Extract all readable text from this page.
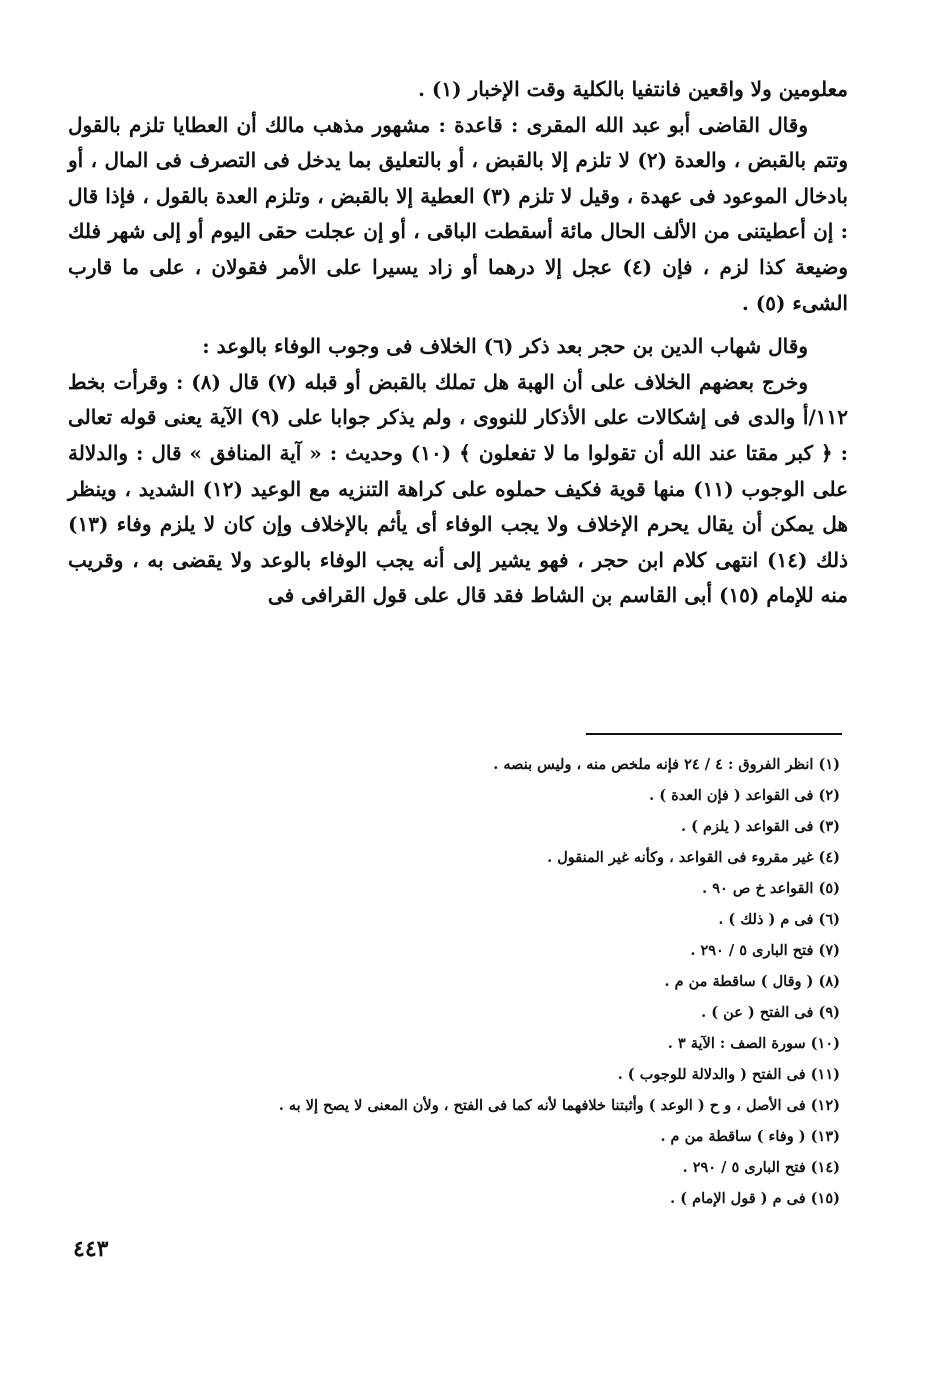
معلومين ولا واقعين فانتفيا بالكلية وقت الإخبار (١) .

وقال القاضى أبو عبد الله المقرى : قاعدة : مشهور مذهب مالك أن العطايا تلزم بالقول وتتم بالقبض ، والعدة (٢) لا تلزم إلا بالقبض ، أو بالتعليق بما يدخل فى التصرف فى المال ، أو بادخال الموعود فى عهدة ، وقيل لا تلزم (٣) العطية إلا بالقبض ، وتلزم العدة بالقول ، فإذا قال : إن أعطيتنى من الألف الحال مائة أسقطت الباقى ، أو إن عجلت حقى اليوم أو إلى شهر فلك وضيعة كذا لزم ، فإن (٤) عجل إلا درهما أو زاد يسيرا على الأمر فقولان ، على ما قارب الشىء (٥) .

وقال شهاب الدين بن حجر بعد ذكر (٦) الخلاف فى وجوب الوفاء بالوعد :

وخرج بعضهم الخلاف على أن الهبة هل تملك بالقبض أو قبله (٧) قال (٨) : وقرأت بخط ١١٢/أ والدى فى إشكالات على الأذكار للنووى ، ولم يذكر جوابا على (٩) الآية يعنى قوله تعالى : ﴿ كبر مقتا عند الله أن تقولوا ما لا تفعلون ﴾ (١٠) وحديث : « آية المنافق » قال : والدلالة على الوجوب (١١) منها قوية فكيف حملوه على كراهة التنزيه مع الوعيد (١٢) الشديد ، وينظر هل يمكن أن يقال يحرم الإخلاف ولا يجب الوفاء أى يأثم بالإخلاف وإن كان لا يلزم وفاء (١٣) ذلك (١٤) انتهى كلام ابن حجر ، فهو يشير إلى أنه يجب الوفاء بالوعد ولا يقضى به ، وقريب منه للإمام (١٥) أبى القاسم بن الشاط فقد قال على قول القرافى فى

(١) انظر الفروق : ٤ / ٢٤ فإنه ملخص منه ، وليس بنصه .
(٢) فى القواعد ( فإن العدة ) .
(٣) فى القواعد ( يلزم ) .
(٤) غير مقروء فى القواعد ، وكأنه غير المنقول .
(٥) القواعد خ ص ٩٠ .
(٦) فى م ( ذلك ) .
(٧) فتح البارى ٥ / ٢٩٠ .
(٨) ( وقال ) ساقطة من م .
(٩) فى الفتح ( عن ) .
(١٠) سورة الصف : الآية ٣ .
(١١) فى الفتح ( والدلالة للوجوب ) .
(١٢) فى الأصل ، و ح ( الوعد ) وأثبتنا خلافهما لأنه كما فى الفتح ، ولأن المعنى لا يصح إلا به .
(١٣) ( وفاء ) ساقطة من م .
(١٤) فتح البارى ٥ / ٢٩٠ .
(١٥) فى م ( قول الإمام ) .
٤٤٣
